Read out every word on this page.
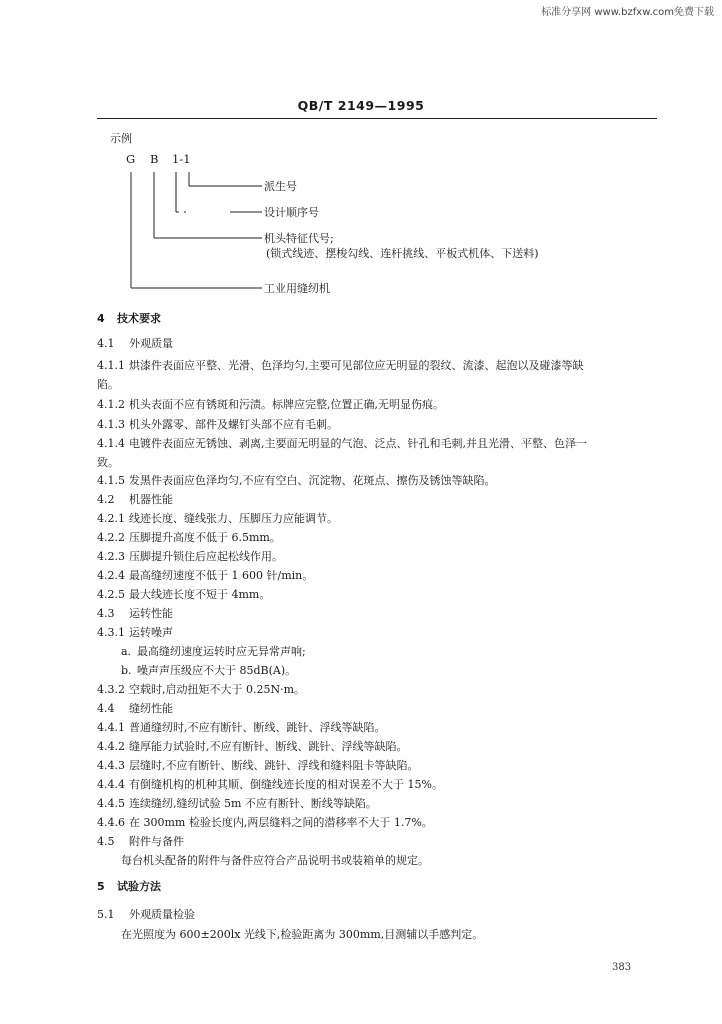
标准分享网 www.bzfxw.com免费下载
QB/T 2149—1995
示例
G B 1-1
派生号
设计顺序号
机头特征代号;
(锁式线迹、摆梭勾线、连杆挑线、平板式机体、下送料)
工业用缝纫机
4 技术要求
4.1 外观质量
4.1.1 烘漆件表面应平整、光滑、色泽均匀,主要可见部位应无明显的裂纹、流漆、起泡以及碰漆等缺
陷。
4.1.2 机头表面不应有锈斑和污渍。标牌应完整,位置正确,无明显伤痕。
4.1.3 机头外露零、部件及螺钉头部不应有毛刺。
4.1.4 电镀件表面应无锈蚀、剥离,主要面无明显的气泡、泛点、针孔和毛刺,并且光滑、平整、色泽一
致。
4.1.5 发黑件表面应色泽均匀,不应有空白、沉淀物、花斑点、擦伤及锈蚀等缺陷。
4.2 机器性能
4.2.1 线迹长度、缝线张力、压脚压力应能调节。
4.2.2 压脚提升高度不低于 6.5mm。
4.2.3 压脚提升锁住后应起松线作用。
4.2.4 最高缝纫速度不低于 1 600 针/min。
4.2.5 最大线迹长度不短于 4mm。
4.3 运转性能
4.3.1 运转噪声
a. 最高缝纫速度运转时应无异常声响;
b. 噪声声压级应不大于 85dB(A)。
4.3.2 空载时,启动扭矩不大于 0.25N·m。
4.4 缝纫性能
4.4.1 普通缝纫时,不应有断针、断线、跳针、浮线等缺陷。
4.4.2 缝厚能力试验时,不应有断针、断线、跳针、浮线等缺陷。
4.4.3 层缝时,不应有断针、断线、跳针、浮线和缝料阻卡等缺陷。
4.4.4 有倒缝机构的机种其顺、倒缝线迹长度的相对误差不大于 15%。
4.4.5 连续缝纫,缝纫试验 5m 不应有断针、断线等缺陷。
4.4.6 在 300mm 检验长度内,两层缝料之间的潜移率不大于 1.7%。
4.5 附件与备件
每台机头配备的附件与备件应符合产品说明书或装箱单的规定。
5 试验方法
5.1 外观质量检验
在光照度为 600±200lx 光线下,检验距离为 300mm,目测辅以手感判定。
383
